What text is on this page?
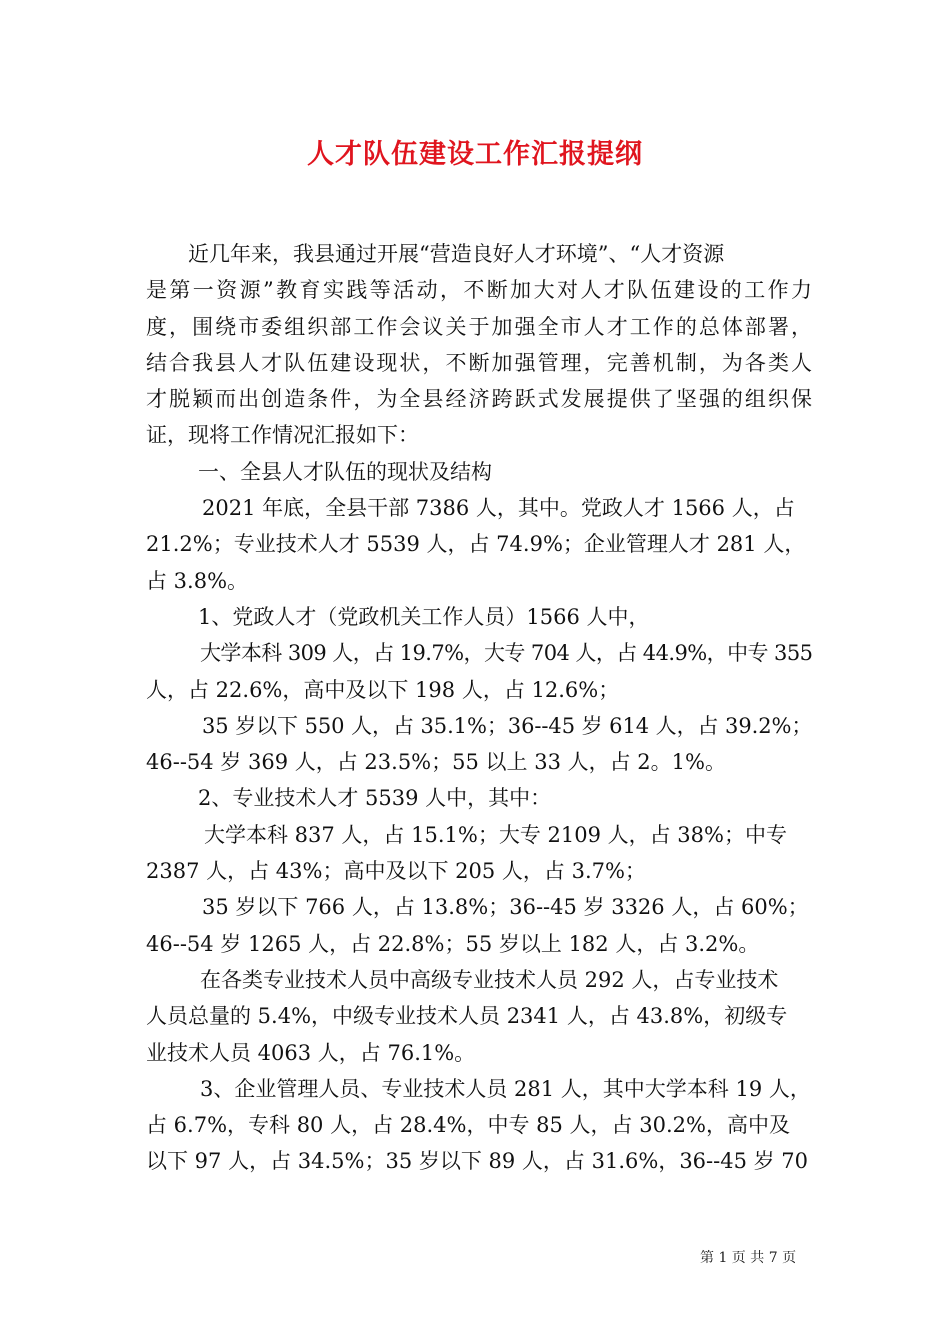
人才队伍建设工作汇报提纲
近几年来，我县通过开展“营造良好人才环境”、“人才资源
是第一资源”教育实践等活动，不断加大对人才队伍建设的工作力
度，围绕市委组织部工作会议关于加强全市人才工作的总体部署，
结合我县人才队伍建设现状，不断加强管理，完善机制，为各类人
才脱颖而出创造条件，为全县经济跨跃式发展提供了坚强的组织保
证，现将工作情况汇报如下：
一、全县人才队伍的现状及结构
2021 年底，全县干部 7386 人，其中。党政人才 1566 人，占
21.2%；专业技术人才 5539 人，占 74.9%；企业管理人才 281 人，
占 3.8%。
1、党政人才（党政机关工作人员）1566 人中，
大学本科 309 人，占 19.7%，大专 704 人，占 44.9%，中专 355
人，占 22.6%，高中及以下 198 人，占 12.6%；
35 岁以下 550 人，占 35.1%；36--45 岁 614 人，占 39.2%；
46--54 岁 369 人，占 23.5%；55 以上 33 人，占 2。1%。
2、专业技术人才 5539 人中，其中：
大学本科 837 人，占 15.1%；大专 2109 人，占 38%；中专
2387 人，占 43%；高中及以下 205 人，占 3.7%；
35 岁以下 766 人，占 13.8%；36--45 岁 3326 人，占 60%；
46--54 岁 1265 人，占 22.8%；55 岁以上 182 人，占 3.2%。
在各类专业技术人员中高级专业技术人员 292 人，占专业技术
人员总量的 5.4%，中级专业技术人员 2341 人，占 43.8%，初级专
业技术人员 4063 人，占 76.1%。
3、企业管理人员、专业技术人员 281 人，其中大学本科 19 人，
占 6.7%，专科 80 人，占 28.4%，中专 85 人，占 30.2%，高中及
以下 97 人，占 34.5%；35 岁以下 89 人，占 31.6%，36--45 岁 70
第 1 页 共 7 页
